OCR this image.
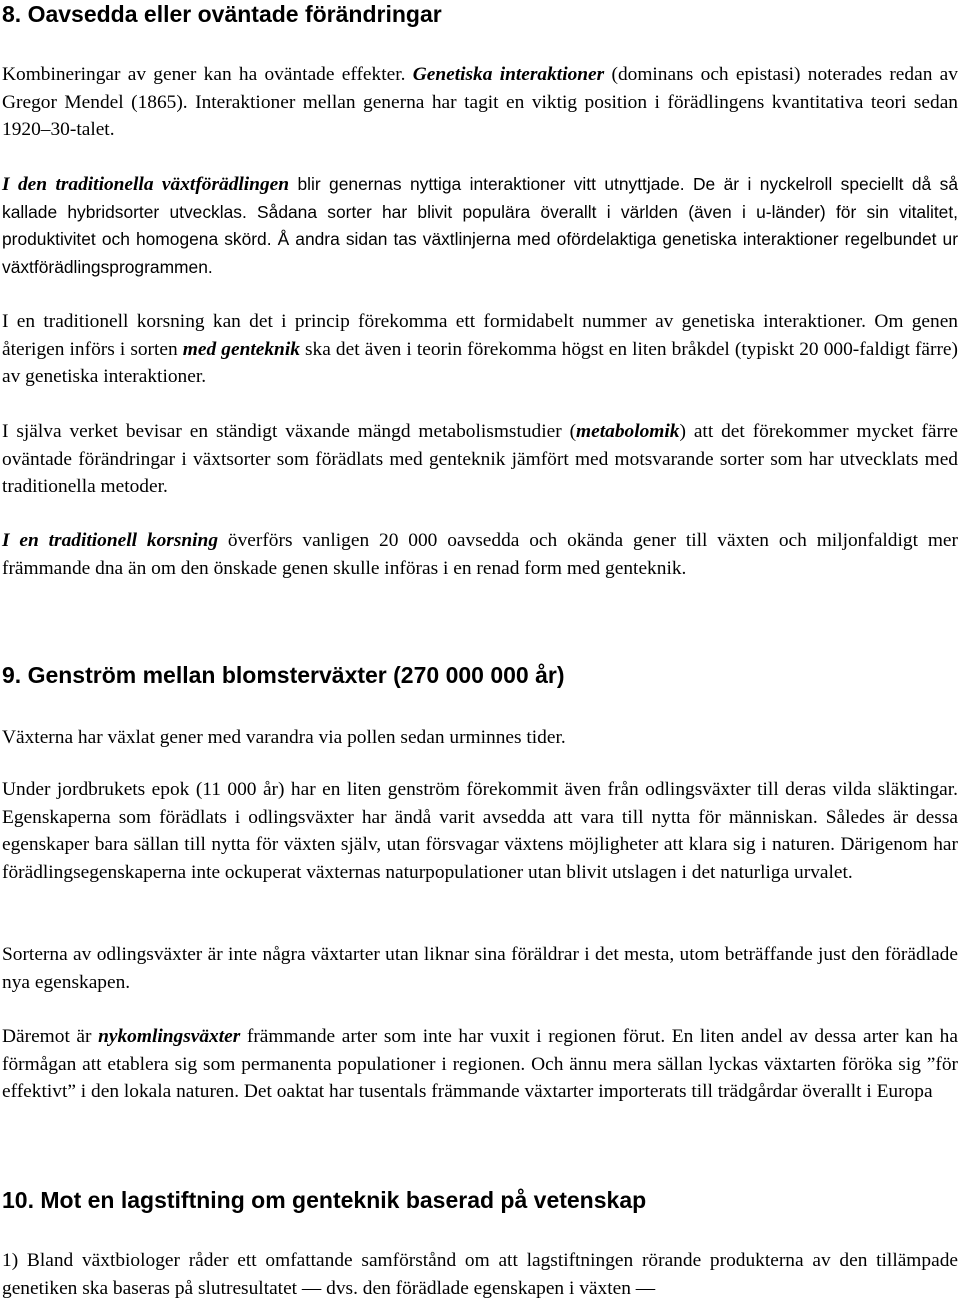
8. Oavsedda eller oväntade förändringar

Kombineringar av gener kan ha oväntade effekter. Genetiska interaktioner (dominans och epistasi) noterades redan av Gregor Mendel (1865). Interaktioner mellan generna har tagit en viktig position i förädlingens kvantitativa teori sedan 1920–30-talet.

I den traditionella växtförädlingen blir genernas nyttiga interaktioner vitt utnyttjade. De är i nyckelroll speciellt då så kallade hybridsorter utvecklas. Sådana sorter har blivit populära överallt i världen (även i u-länder) för sin vitalitet, produktivitet och homogena skörd. Å andra sidan tas växtlinjerna med ofördelaktiga genetiska interaktioner regelbundet ur växtförädlingsprogrammen.

I en traditionell korsning kan det i princip förekomma ett formidabelt nummer av genetiska interaktioner. Om genen återigen införs i sorten med genteknik ska det även i teorin förekomma högst en liten bråkdel (typiskt 20 000-faldigt färre) av genetiska interaktioner.

I själva verket bevisar en ständigt växande mängd metabolismstudier (metabolomik) att det förekommer mycket färre oväntade förändringar i växtsorter som förädlats med genteknik jämfört med motsvarande sorter som har utvecklats med traditionella metoder.

I en traditionell korsning överförs vanligen 20 000 oavsedda och okända gener till växten och miljonfaldigt mer främmande dna än om den önskade genen skulle införas i en renad form med genteknik.

9. Genström mellan blomsterväxter (270 000 000 år)

Växterna har växlat gener med varandra via pollen sedan urminnes tider.

Under jordbrukets epok (11 000 år) har en liten genström förekommit även från odlingsväxter till deras vilda släktingar. Egenskaperna som förädlats i odlingsväxter har ändå varit avsedda att vara till nytta för människan. Således är dessa egenskaper bara sällan till nytta för växten själv, utan försvagar växtens möjligheter att klara sig i naturen. Därigenom har förädlingsegenskaperna inte ockuperat växternas naturpopulationer utan blivit utslagen i det naturliga urvalet.

Sorterna av odlingsväxter är inte några växtarter utan liknar sina föräldrar i det mesta, utom beträffande just den förädlade nya egenskapen.

Däremot är nykomlingsväxter främmande arter som inte har vuxit i regionen förut. En liten andel av dessa arter kan ha förmågan att etablera sig som permanenta populationer i regionen. Och ännu mera sällan lyckas växtarten föröka sig ”för effektivt” i den lokala naturen. Det oaktat har tusentals främmande växtarter importerats till trädgårdar överallt i Europa

10. Mot en lagstiftning om genteknik baserad på vetenskap

1) Bland växtbiologer råder ett omfattande samförstånd om att lagstiftningen rörande produkterna av den tillämpade genetiken ska baseras på slutresultatet — dvs. den förädlade egenskapen i växten —
